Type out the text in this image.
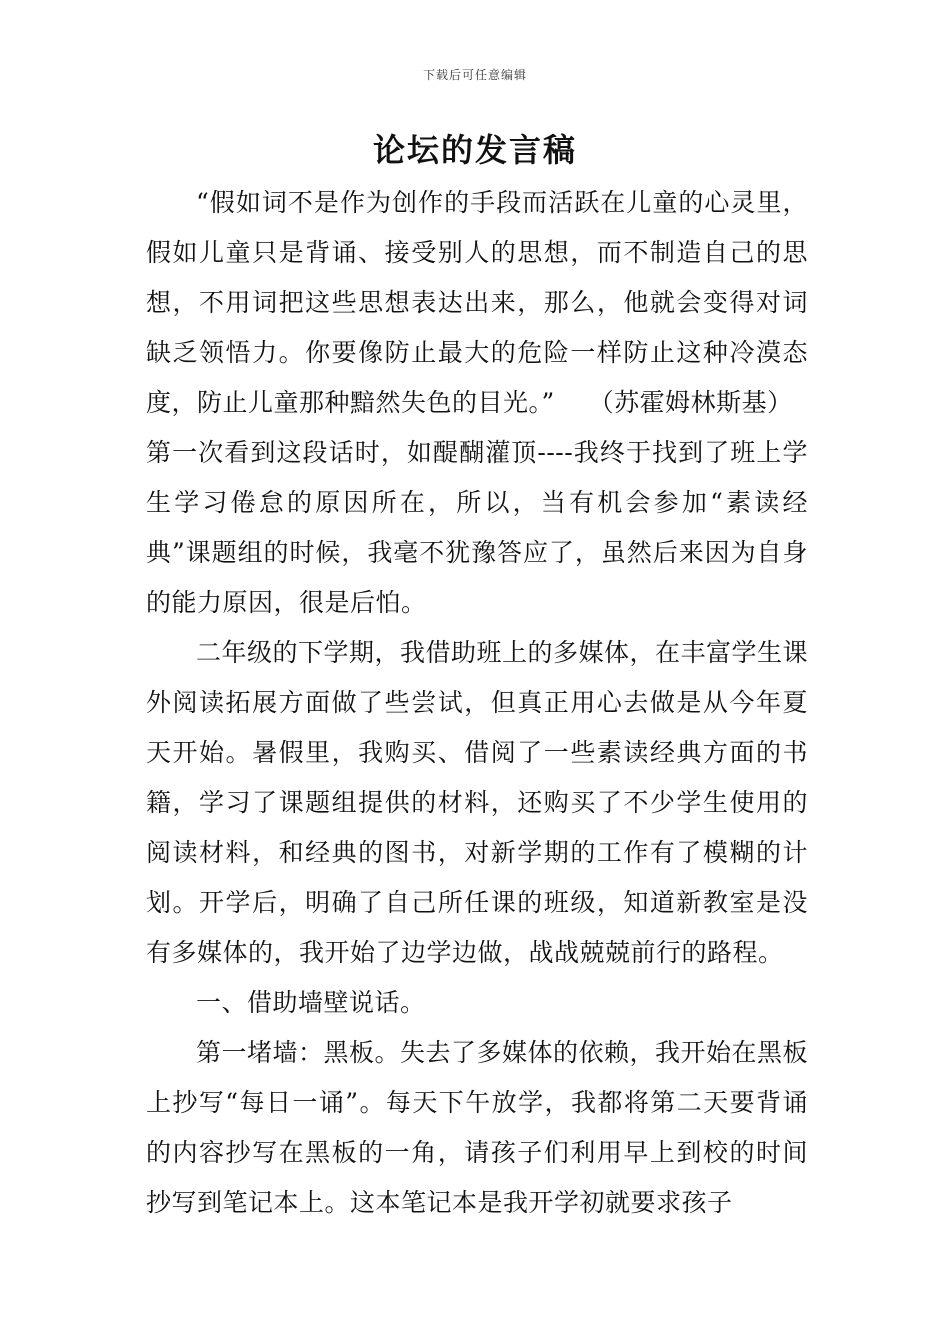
下载后可任意编辑
论坛的发言稿

“假如词不是作为创作的手段而活跃在儿童的心灵里，假如儿童只是背诵、接受别人的思想，而不制造自己的思想，不用词把这些思想表达出来，那么，他就会变得对词缺乏领悟力。你要像防止最大的危险一样防止这种冷漠态度，防止儿童那种黯然失色的目光。” （苏霍姆林斯基）

第一次看到这段话时，如醍醐灌顶----我终于找到了班上学生学习倦怠的原因所在，所以，当有机会参加“素读经典”课题组的时候，我毫不犹豫答应了，虽然后来因为自身的能力原因，很是后怕。

二年级的下学期，我借助班上的多媒体，在丰富学生课外阅读拓展方面做了些尝试，但真正用心去做是从今年夏天开始。暑假里，我购买、借阅了一些素读经典方面的书籍，学习了课题组提供的材料，还购买了不少学生使用的阅读材料，和经典的图书，对新学期的工作有了模糊的计划。开学后，明确了自己所任课的班级，知道新教室是没有多媒体的，我开始了边学边做，战战兢兢前行的路程。

一、借助墙壁说话。

第一堵墙：黑板。失去了多媒体的依赖，我开始在黑板上抄写“每日一诵”。每天下午放学，我都将第二天要背诵的内容抄写在黑板的一角，请孩子们利用早上到校的时间抄写到笔记本上。这本笔记本是我开学初就要求孩子
